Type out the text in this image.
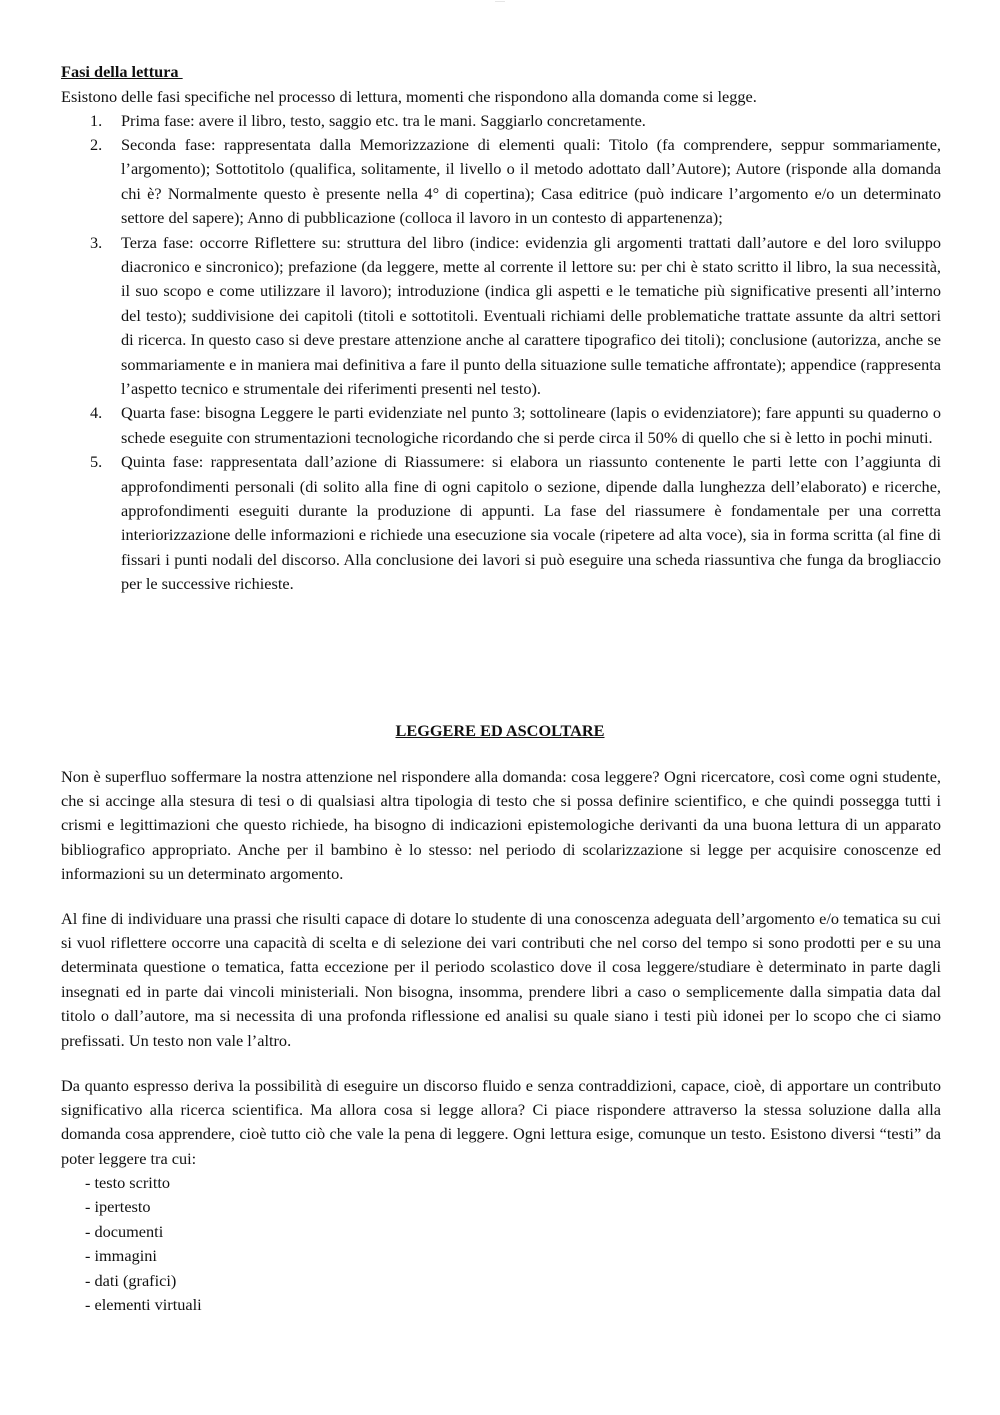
----------
Fasi della lettura
Esistono delle fasi specifiche nel processo di lettura, momenti che rispondono alla domanda come si legge.
1. Prima fase: avere il libro, testo, saggio etc. tra le mani. Saggiarlo concretamente.
2. Seconda fase: rappresentata dalla Memorizzazione di elementi quali: Titolo (fa comprendere, seppur sommariamente, l’argomento); Sottotitolo (qualifica, solitamente, il livello o il metodo adottato dall’Autore); Autore (risponde alla domanda chi è? Normalmente questo è presente nella 4° di copertina); Casa editrice (può indicare l’argomento e/o un determinato settore del sapere); Anno di pubblicazione (colloca il lavoro in un contesto di appartenenza);
3. Terza fase: occorre Riflettere su: struttura del libro (indice: evidenzia gli argomenti trattati dall’autore e del loro sviluppo diacronico e sincronico); prefazione (da leggere, mette al corrente il lettore su: per chi è stato scritto il libro, la sua necessità, il suo scopo e come utilizzare il lavoro); introduzione (indica gli aspetti e le tematiche più significative presenti all’interno del testo); suddivisione dei capitoli (titoli e sottotitoli. Eventuali richiami delle problematiche trattate assunte da altri settori di ricerca. In questo caso si deve prestare attenzione anche al carattere tipografico dei titoli); conclusione (autorizza, anche se sommariamente e in maniera mai definitiva a fare il punto della situazione sulle tematiche affrontate); appendice (rappresenta l’aspetto tecnico e strumentale dei riferimenti presenti nel testo).
4. Quarta fase: bisogna Leggere le parti evidenziate nel punto 3; sottolineare (lapis o evidenziatore); fare appunti su quaderno o schede eseguite con strumentazioni tecnologiche ricordando che si perde circa il 50% di quello che si è letto in pochi minuti.
5. Quinta fase: rappresentata dall’azione di Riassumere: si elabora un riassunto contenente le parti lette con l’aggiunta di approfondimenti personali (di solito alla fine di ogni capitolo o sezione, dipende dalla lunghezza dell’elaborato) e ricerche, approfondimenti eseguiti durante la produzione di appunti. La fase del riassumere è fondamentale per una corretta interiorizzazione delle informazioni e richiede una esecuzione sia vocale (ripetere ad alta voce), sia in forma scritta (al fine di fissari i punti nodali del discorso. Alla conclusione dei lavori si può eseguire una scheda riassuntiva che funga da brogliaccio per le successive richieste.
LEGGERE ED ASCOLTARE

Non è superfluo soffermare la nostra attenzione nel rispondere alla domanda: cosa leggere? Ogni ricercatore, così come ogni studente, che si accinge alla stesura di tesi o di qualsiasi altra tipologia di testo che si possa definire scientifico, e che quindi possegga tutti i crismi e legittimazioni che questo richiede, ha bisogno di indicazioni epistemologiche derivanti da una buona lettura di un apparato bibliografico appropriato. Anche per il bambino è lo stesso: nel periodo di scolarizzazione si legge per acquisire conoscenze ed informazioni su un determinato argomento.

Al fine di individuare una prassi che risulti capace di dotare lo studente di una conoscenza adeguata dell’argomento e/o tematica su cui si vuol riflettere occorre una capacità di scelta e di selezione dei vari contributi che nel corso del tempo si sono prodotti per e su una determinata questione o tematica, fatta eccezione per il periodo scolastico dove il cosa leggere/studiare è determinato in parte dagli insegnati ed in parte dai vincoli ministeriali. Non bisogna, insomma, prendere libri a caso o semplicemente dalla simpatia data dal titolo o dall’autore, ma si necessita di una profonda riflessione ed analisi su quale siano i testi più idonei per lo scopo che ci siamo prefissati. Un testo non vale l’altro.

Da quanto espresso deriva la possibilità di eseguire un discorso fluido e senza contraddizioni, capace, cioè, di apportare un contributo significativo alla ricerca scientifica. Ma allora cosa si legge allora? Ci piace rispondere attraverso la stessa soluzione dalla alla domanda cosa apprendere, cioè tutto ciò che vale la pena di leggere. Ogni lettura esige, comunque un testo. Esistono diversi “testi” da poter leggere tra cui:

- testo scritto
- ipertesto
- documenti
- immagini
- dati (grafici)
- elementi virtuali
